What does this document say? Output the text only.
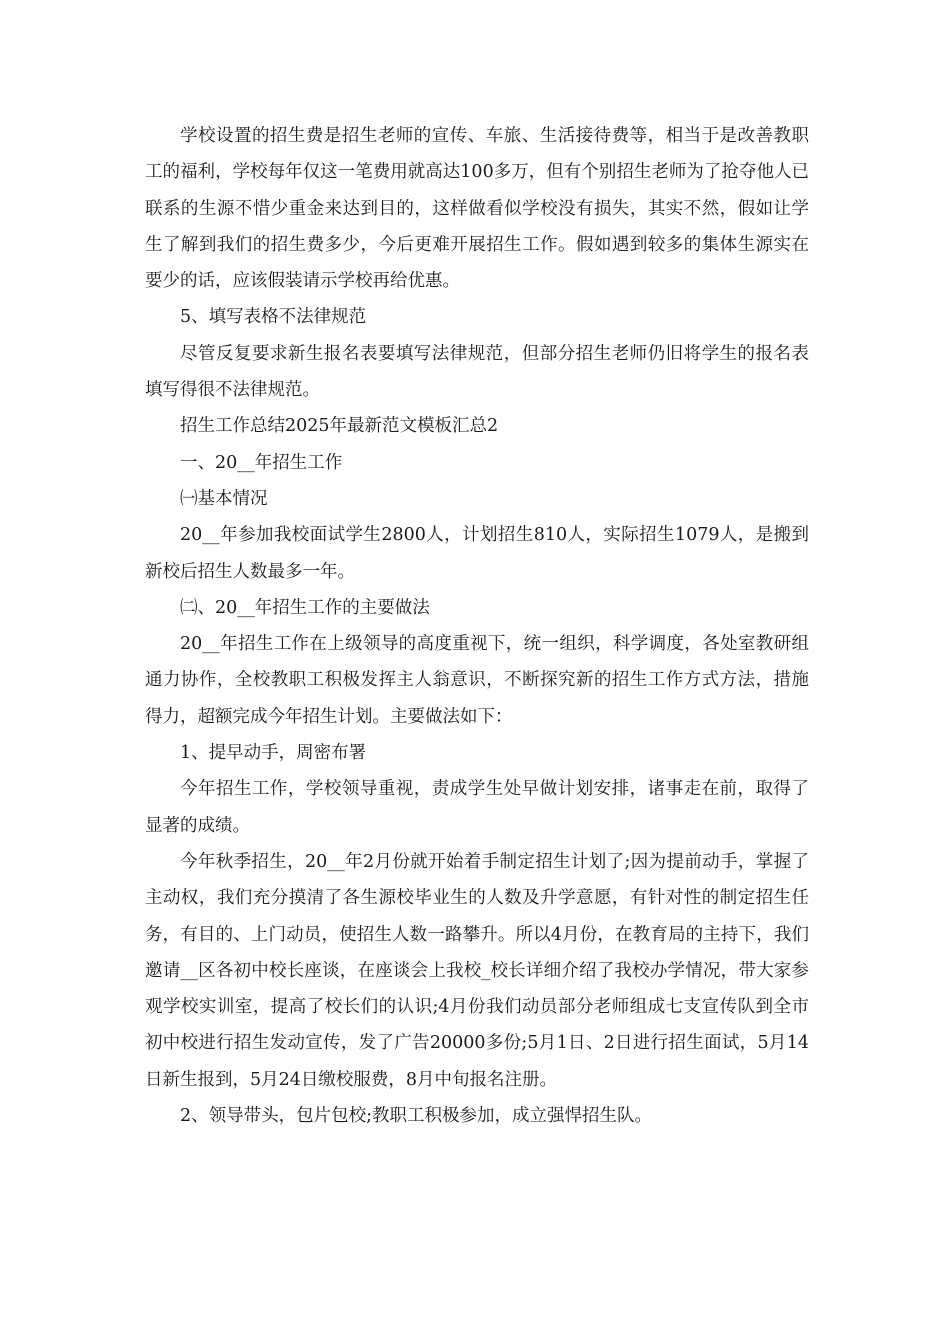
学校设置的招生费是招生老师的宣传、车旅、生活接待费等，相当于是改善教职工的福利，学校每年仅这一笔费用就高达100多万，但有个别招生老师为了抢夺他人已联系的生源不惜少重金来达到目的，这样做看似学校没有损失，其实不然，假如让学生了解到我们的招生费多少，今后更难开展招生工作。假如遇到较多的集体生源实在要少的话，应该假装请示学校再给优惠。

5、填写表格不法律规范

尽管反复要求新生报名表要填写法律规范，但部分招生老师仍旧将学生的报名表填写得很不法律规范。

招生工作总结2025年最新范文模板汇总2

一、20__年招生工作

㈠基本情况

20__年参加我校面试学生2800人，计划招生810人，实际招生1079人，是搬到新校后招生人数最多一年。

㈡、20__年招生工作的主要做法

20__年招生工作在上级领导的高度重视下，统一组织，科学调度，各处室教研组通力协作，全校教职工积极发挥主人翁意识，不断探究新的招生工作方式方法，措施得力，超额完成今年招生计划。主要做法如下：

1、提早动手，周密布署

今年招生工作，学校领导重视，责成学生处早做计划安排，诸事走在前，取得了显著的成绩。

今年秋季招生，20__年2月份就开始着手制定招生计划了;因为提前动手，掌握了主动权，我们充分摸清了各生源校毕业生的人数及升学意愿，有针对性的制定招生任务，有目的、上门动员，使招生人数一路攀升。所以4月份，在教育局的主持下，我们邀请__区各初中校长座谈，在座谈会上我校_校长详细介绍了我校办学情况，带大家参观学校实训室，提高了校长们的认识;4月份我们动员部分老师组成七支宣传队到全市初中校进行招生发动宣传，发了广告20000多份;5月1日、2日进行招生面试，5月14日新生报到，5月24日缴校服费，8月中旬报名注册。

2、领导带头，包片包校;教职工积极参加，成立强悍招生队。
